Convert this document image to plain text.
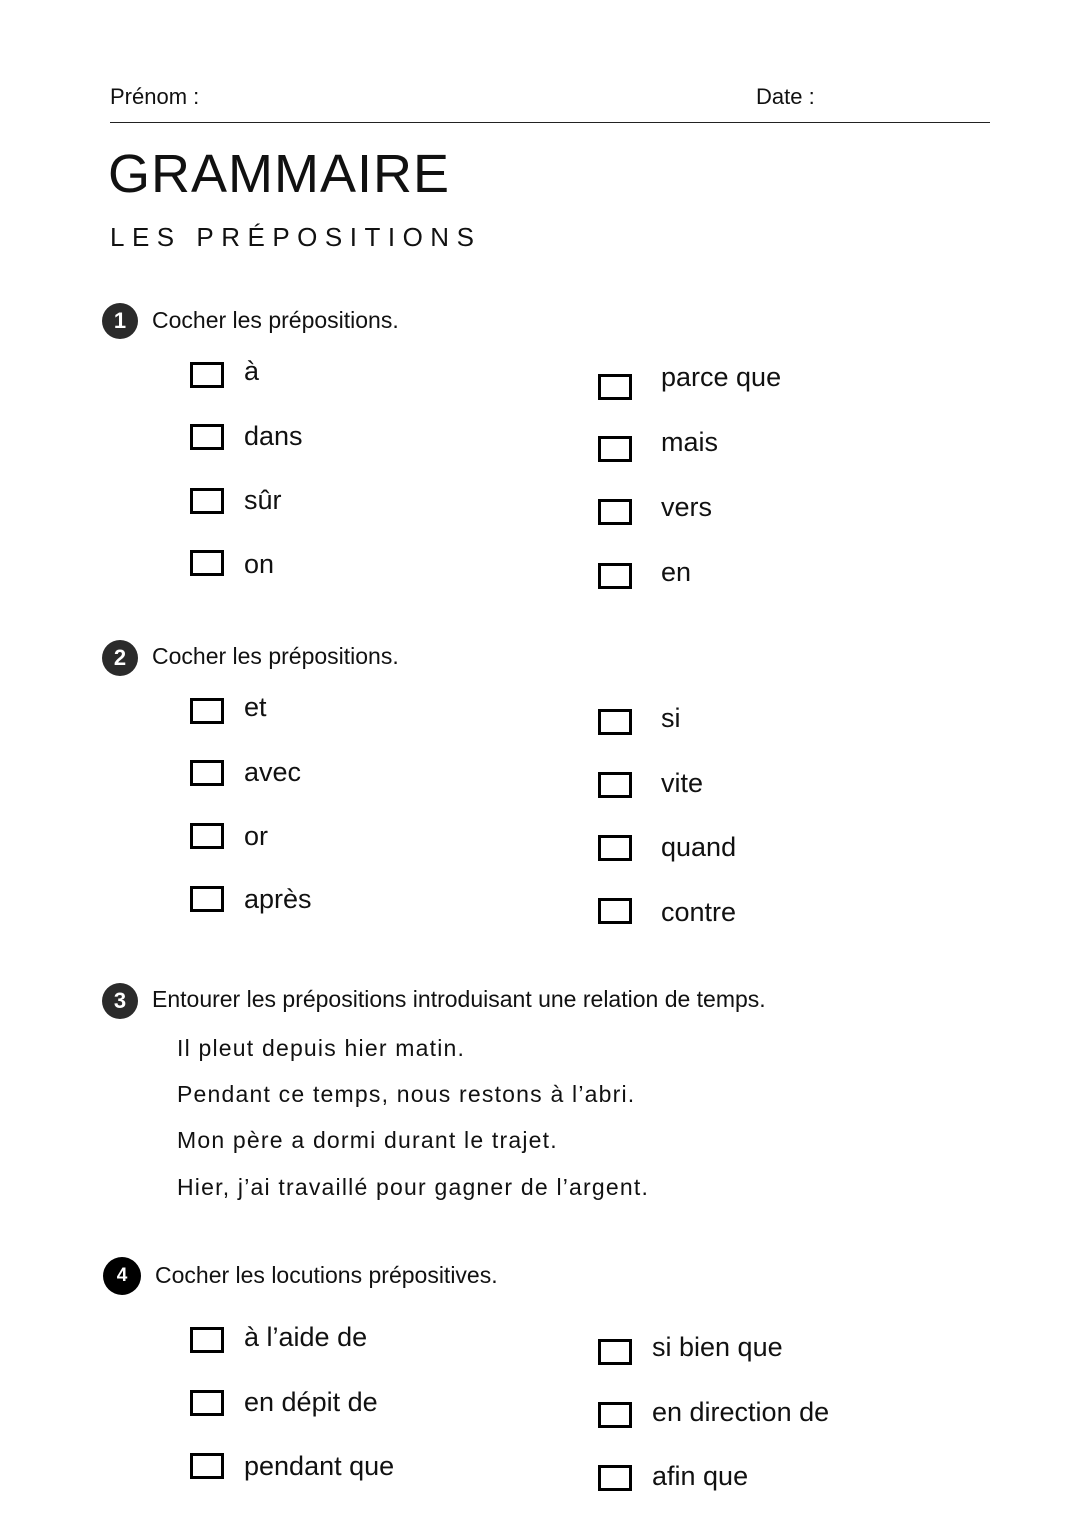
Prénom :	Date :
GRAMMAIRE
LES PRÉPOSITIONS
1	Cocher les prépositions.
à
dans
sûr
on
parce que
mais
vers
en
2	Cocher les prépositions.
et
avec
or
après
si
vite
quand
contre
3	Entourer les prépositions introduisant une relation de temps.
Il pleut depuis hier matin.
Pendant ce temps, nous restons à l’abri.
Mon père a dormi durant le trajet.
Hier, j’ai travaillé pour gagner de l’argent.
4	Cocher les locutions prépositives.
à l’aide de
en dépit de
pendant que
si bien que
en direction de
afin que
